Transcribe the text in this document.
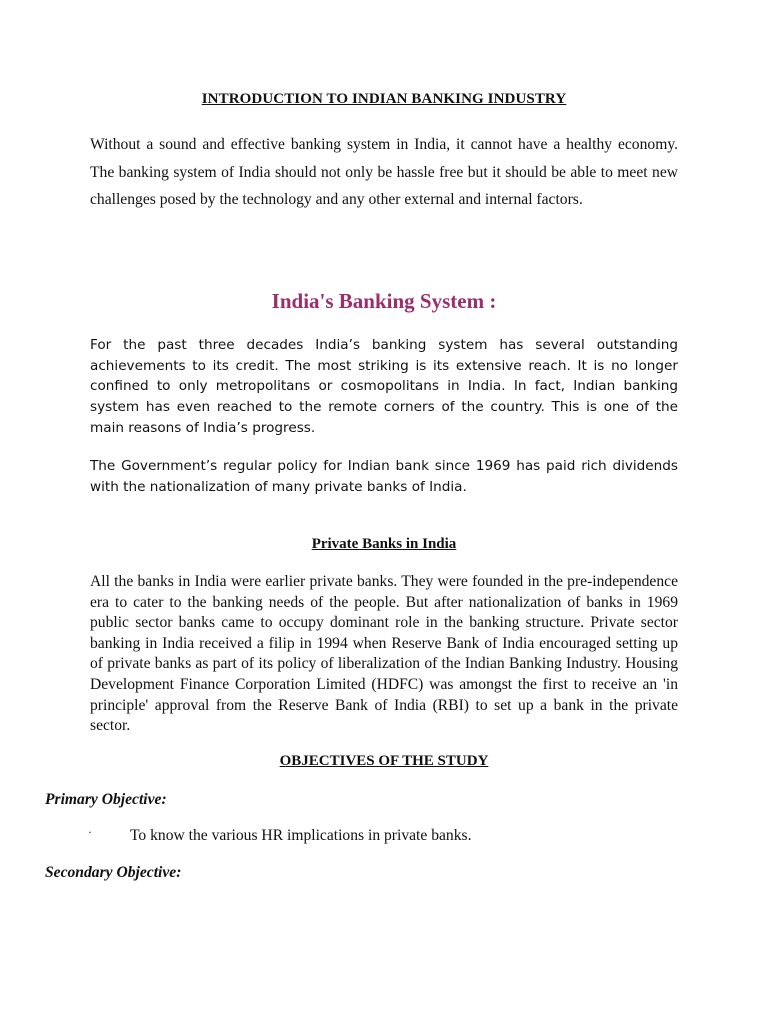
INTRODUCTION TO INDIAN BANKING INDUSTRY
Without a sound and effective banking system in India, it cannot have a healthy economy. The banking system of India should not only be hassle free but it should be able to meet new challenges posed by the technology and any other external and internal factors.
India's Banking System :
For the past three decades India’s banking system has several outstanding achievements to its credit. The most striking is its extensive reach. It is no longer confined to only metropolitans or cosmopolitans in India. In fact, Indian banking system has even reached to the remote corners of the country. This is one of the main reasons of India’s progress.
The Government’s regular policy for Indian bank since 1969 has paid rich dividends with the nationalization of many private banks of India.
Private Banks in India
All the banks in India were earlier private banks. They were founded in the pre-independence era to cater to the banking needs of the people. But after nationalization of banks in 1969 public sector banks came to occupy dominant role in the banking structure. Private sector banking in India received a filip in 1994 when Reserve Bank of India encouraged setting up of private banks as part of its policy of liberalization of the Indian Banking Industry. Housing Development Finance Corporation Limited (HDFC) was amongst the first to receive an 'in principle' approval from the Reserve Bank of India (RBI) to set up a bank in the private sector.
OBJECTIVES OF THE STUDY
Primary Objective:
· To know the various HR implications in private banks.
Secondary Objective:
